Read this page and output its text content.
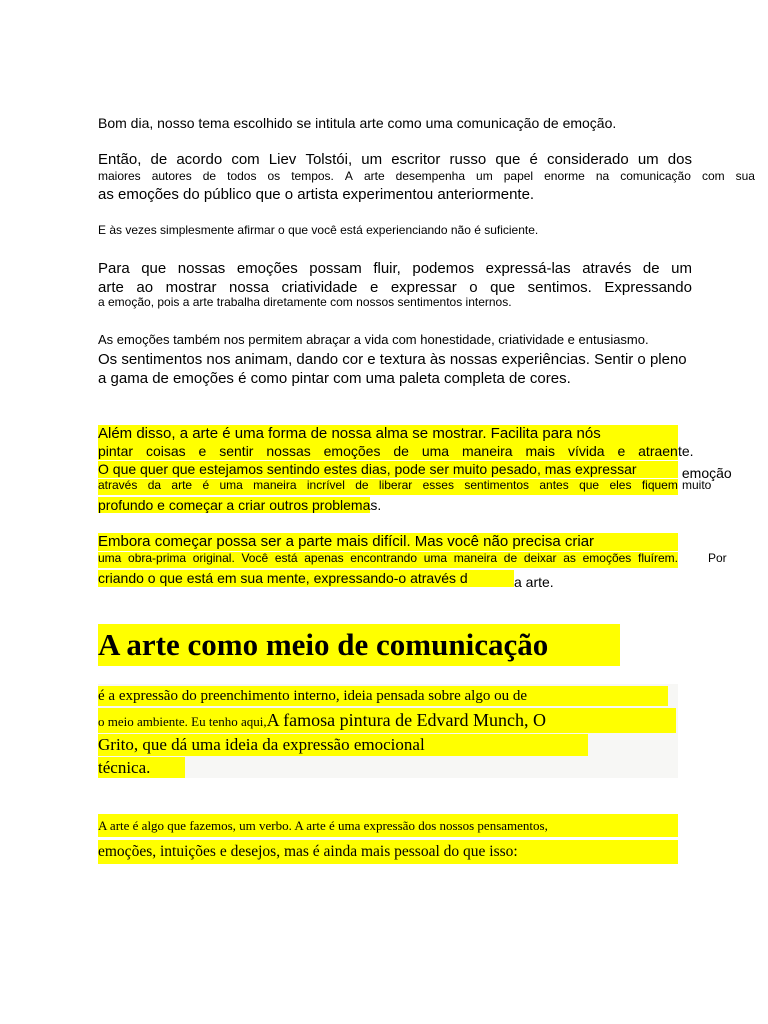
Bom dia, nosso tema escolhido se intitula arte como uma comunicação de emoção.
Então, de acordo com Liev Tolstói, um escritor russo que é considerado um dos
maiores autores de todos os tempos. A arte desempenha um papel enorme na comunicação com sua
as emoções do público que o artista experimentou anteriormente.
E às vezes simplesmente afirmar o que você está experienciando não é suficiente.
Para que nossas emoções possam fluir, podemos expressá-las através de um
arte ao mostrar nossa criatividade e expressar o que sentimos. Expressando
a emoção, pois a arte trabalha diretamente com nossos sentimentos internos.
As emoções também nos permitem abraçar a vida com honestidade, criatividade e entusiasmo.
Os sentimentos nos animam, dando cor e textura às nossas experiências. Sentir o pleno
a gama de emoções é como pintar com uma paleta completa de cores.
Além disso, a arte é uma forma de nossa alma se mostrar. Facilita para nós
pintar coisas e sentir nossas emoções de uma maneira mais vívida e atraen te.
O que quer que estejamos sentindo estes dias, pode ser muito pesado, mas expressar	emoção
através da arte é uma maneira incrível de liberar esses sentimentos antes que eles fiquem muito
profundo e começar a criar outros problemas.
Embora começar possa ser a parte mais difícil. Mas você não precisa criar
uma obra-prima original. Você está apenas encontrando uma maneira de deixar as emoções fluírem.	Por
criando o que está em sua mente, expressando-o através d	a arte.
A arte como meio de comunicação
é a expressão do preenchimento interno, ideia pensada sobre algo ou de
o meio ambiente. Eu tenho aqui,A famosa pintura de Edvard Munch, O
Grito, que dá uma ideia da expressão emocional
técnica.
A arte é algo que fazemos, um verbo. A arte é uma expressão dos nossos pensamentos,
emoções, intuições e desejos, mas é ainda mais pessoal do que isso:
